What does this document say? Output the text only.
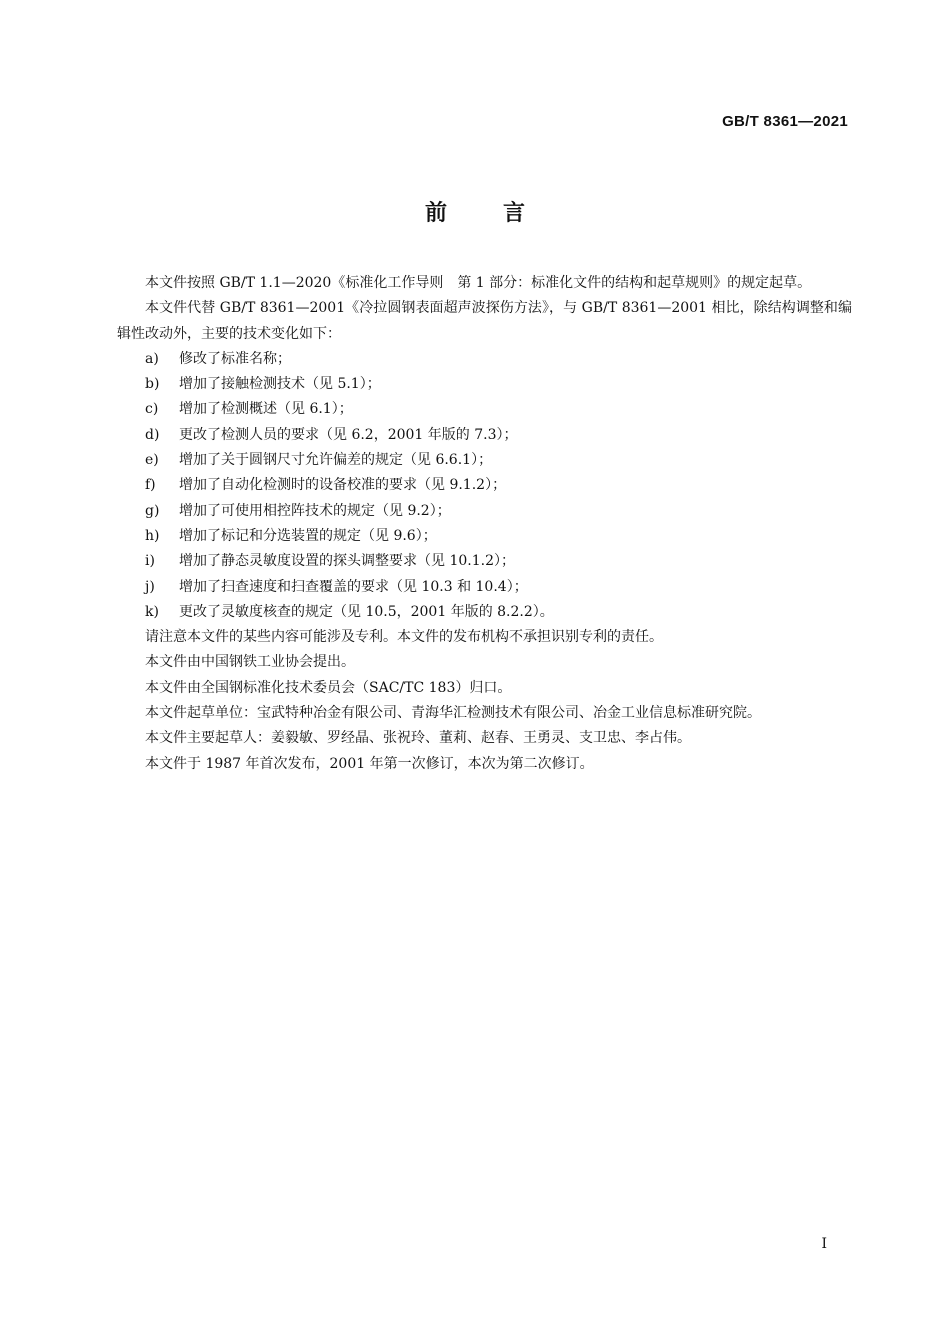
GB/T 8361—2021
前言

本文件按照 GB/T 1.1—2020《标准化工作导则　第 1 部分：标准化文件的结构和起草规则》的规定起草。

本文件代替 GB/T 8361—2001《冷拉圆钢表面超声波探伤方法》，与 GB/T 8361—2001 相比，除结构调整和编辑性改动外，主要的技术变化如下：

a)	修改了标准名称；
b)	增加了接触检测技术（见 5.1）；
c)	增加了检测概述（见 6.1）；
d)	更改了检测人员的要求（见 6.2，2001 年版的 7.3）；
e)	增加了关于圆钢尺寸允许偏差的规定（见 6.6.1）；
f)	增加了自动化检测时的设备校准的要求（见 9.1.2）；
g)	增加了可使用相控阵技术的规定（见 9.2）；
h)	增加了标记和分选装置的规定（见 9.6）；
i)	增加了静态灵敏度设置的探头调整要求（见 10.1.2）；
j)	增加了扫查速度和扫查覆盖的要求（见 10.3 和 10.4）；
k)	更改了灵敏度核查的规定（见 10.5，2001 年版的 8.2.2）。

请注意本文件的某些内容可能涉及专利。本文件的发布机构不承担识别专利的责任。

本文件由中国钢铁工业协会提出。

本文件由全国钢标准化技术委员会（SAC/TC 183）归口。

本文件起草单位：宝武特种冶金有限公司、青海华汇检测技术有限公司、冶金工业信息标准研究院。

本文件主要起草人：姜毅敏、罗经晶、张祝玲、董莉、赵春、王勇灵、支卫忠、李占伟。

本文件于 1987 年首次发布，2001 年第一次修订，本次为第二次修订。

Ⅰ
